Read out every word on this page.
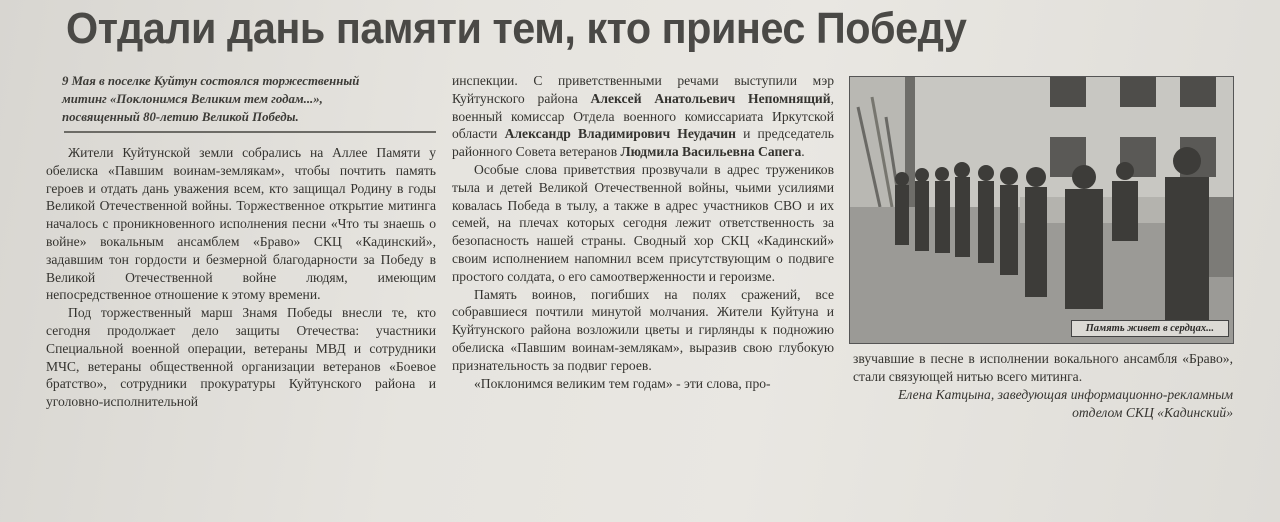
Отдали дань памяти тем, кто принес Победу

9 Мая в поселке Куйтун состоялся торжественный митинг «Поклонимся Великим тем годам...», посвященный 80-летию Великой Победы.

Жители Куйтунской земли собрались на Аллее Памяти у обелиска «Павшим воинам-землякам», чтобы почтить память героев и отдать дань уважения всем, кто защищал Родину в годы Великой Отечественной войны. Торжественное открытие митинга началось с проникновенного исполнения песни «Что ты знаешь о войне» вокальным ансамблем «Браво» СКЦ «Кадинский», задавшим тон гордости и безмерной благодарности за Победу в Великой Отечественной войне людям, имеющим непосредственное отношение к этому времени.

Под торжественный марш Знамя Победы внесли те, кто сегодня продолжает дело защиты Отечества: участники Специальной военной операции, ветераны МВД и сотрудники МЧС, ветераны общественной организации ветеранов «Боевое братство», сотрудники прокуратуры Куйтунского района и уголовно-исполнительной

инспекции. С приветственными речами выступили мэр Куйтунского района Алексей Анатольевич Непомнящий, военный комиссар Отдела военного комиссариата Иркутской области Александр Владимирович Неудачин и председатель районного Совета ветеранов Людмила Васильевна Сапега.

Особые слова приветствия прозвучали в адрес тружеников тыла и детей Великой Отечественной войны, чьими усилиями ковалась Победа в тылу, а также в адрес участников СВО и их семей, на плечах которых сегодня лежит ответственность за безопасность нашей страны. Сводный хор СКЦ «Кадинский» своим исполнением напомнил всем присутствующим о подвиге простого солдата, о его самоотверженности и героизме.

Память воинов, погибших на полях сражений, все собравшиеся почтили минутой молчания. Жители Куйтуна и Куйтунского района возложили цветы и гирлянды к подножию обелиска «Павшим воинам-землякам», выразив свою глубокую признательность за подвиг героев.

«Поклонимся великим тем годам» - эти слова, про-

Память живет в сердцах...

звучавшие в песне в исполнении вокального ансамбля «Браво», стали связующей нитью всего митинга.

Елена Катцына, заведующая информационно-рекламным отделом СКЦ «Кадинский»
